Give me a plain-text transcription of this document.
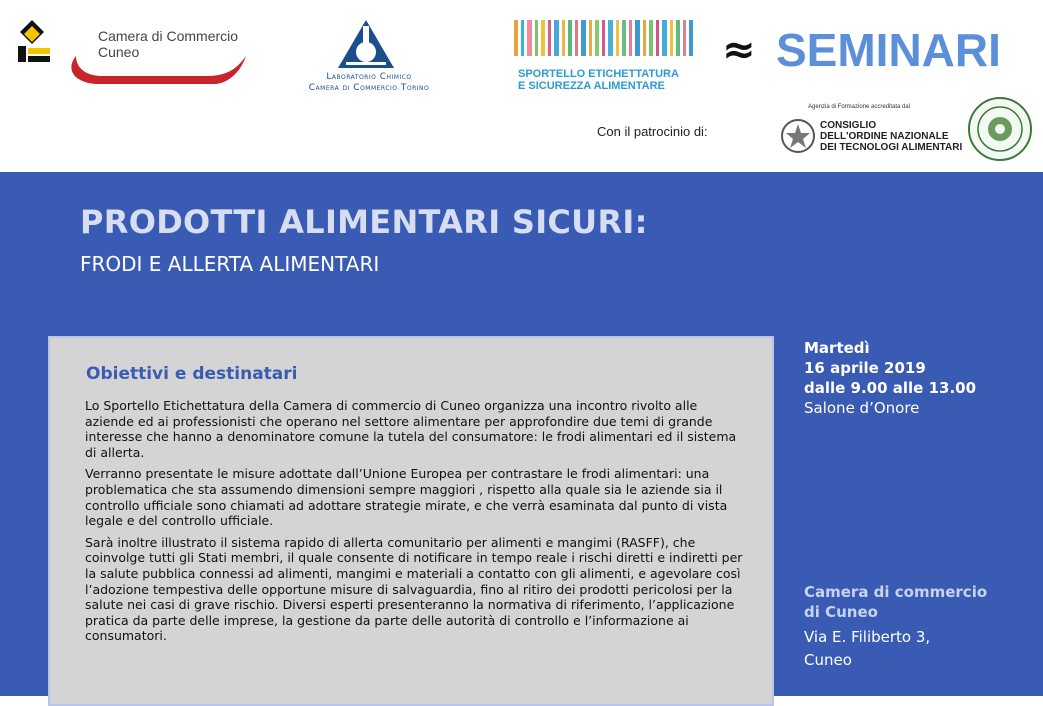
Camera di Commercio
Cuneo
Laboratorio Chimico
Camera di Commercio Torino
SPORTELLO ETICHETTATURA
E SICUREZZA ALIMENTARE
≈ SEMINARI
Con il patrocinio di:
Agenzia di Formazione accreditata dal
CONSIGLIO
DELL'ORDINE NAZIONALE
DEI TECNOLOGI ALIMENTARI
PRODOTTI ALIMENTARI SICURI:
FRODI E ALLERTA ALIMENTARI
Obiettivi e destinatari

Lo Sportello Etichettatura della Camera di commercio di Cuneo organizza una incontro rivolto alle aziende ed ai professionisti che operano nel settore alimentare per approfondire due temi di grande interesse che hanno a denominatore comune la tutela del consumatore: le frodi alimentari ed il sistema di allerta.

Verranno presentate le misure adottate dall’Unione Europea per contrastare le frodi alimentari: una problematica che sta assumendo dimensioni sempre maggiori , rispetto alla quale sia le aziende sia il controllo ufficiale sono chiamati ad adottare strategie mirate, e che verrà esaminata dal punto di vista legale e del controllo ufficiale.

Sarà inoltre illustrato il sistema rapido di allerta comunitario per alimenti e mangimi (RASFF), che coinvolge tutti gli Stati membri, il quale consente di notificare in tempo reale i rischi diretti e indiretti per la salute pubblica connessi ad alimenti, mangimi e materiali a contatto con gli alimenti, e agevolare così l’adozione tempestiva delle opportune misure di salvaguardia, fino al ritiro dei prodotti pericolosi per la salute nei casi di grave rischio. Diversi esperti presenteranno la normativa di riferimento, l’applicazione pratica da parte delle imprese, la gestione da parte delle autorità di controllo e l’informazione ai consumatori.

Martedì
16 aprile 2019
dalle 9.00 alle 13.00
Salone d’Onore
Camera di commercio
di Cuneo
Via E. Filiberto 3,
Cuneo
